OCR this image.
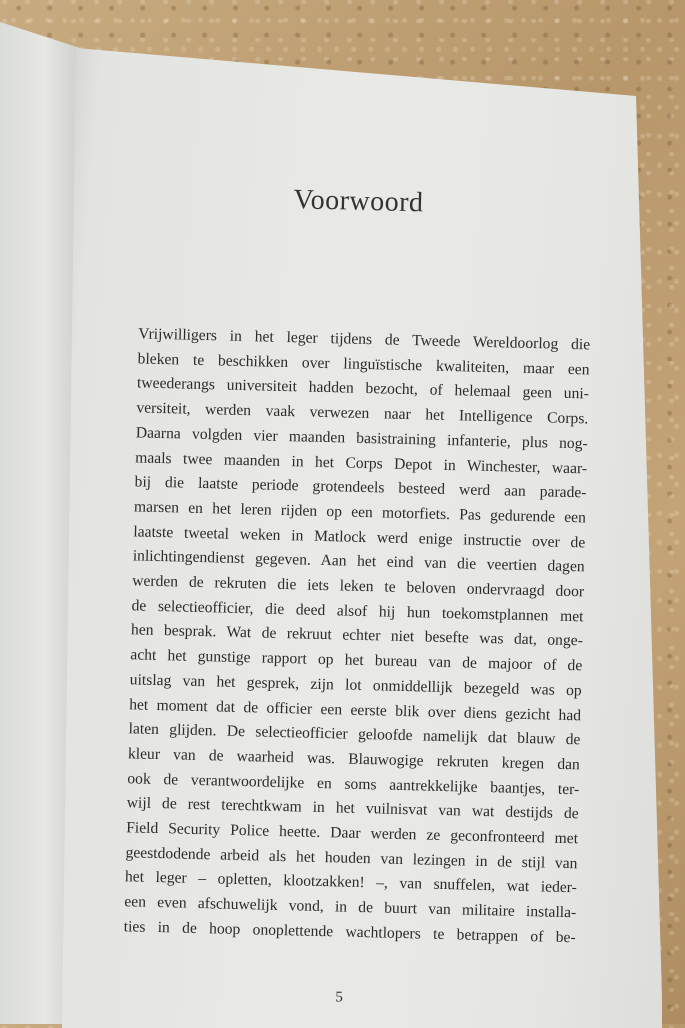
Voorwoord
Vrijwilligers in het leger tijdens de Tweede Wereldoorlog die
bleken te beschikken over linguïstische kwaliteiten, maar een
tweederangs universiteit hadden bezocht, of helemaal geen uni-
versiteit, werden vaak verwezen naar het Intelligence Corps.
Daarna volgden vier maanden basistraining infanterie, plus nog-
maals twee maanden in het Corps Depot in Winchester, waar-
bij die laatste periode grotendeels besteed werd aan parade-
marsen en het leren rijden op een motorfiets. Pas gedurende een
laatste tweetal weken in Matlock werd enige instructie over de
inlichtingendienst gegeven. Aan het eind van die veertien dagen
werden de rekruten die iets leken te beloven ondervraagd door
de selectieofficier, die deed alsof hij hun toekomstplannen met
hen besprak. Wat de rekruut echter niet besefte was dat, onge-
acht het gunstige rapport op het bureau van de majoor of de
uitslag van het gesprek, zijn lot onmiddellijk bezegeld was op
het moment dat de officier een eerste blik over diens gezicht had
laten glijden. De selectieofficier geloofde namelijk dat blauw de
kleur van de waarheid was. Blauwogige rekruten kregen dan
ook de verantwoordelijke en soms aantrekkelijke baantjes, ter-
wijl de rest terechtkwam in het vuilnisvat van wat destijds de
Field Security Police heette. Daar werden ze geconfronteerd met
geestdodende arbeid als het houden van lezingen in de stijl van
het leger – opletten, klootzakken! –, van snuffelen, wat ieder-
een even afschuwelijk vond, in de buurt van militaire installa-
ties in de hoop onoplettende wachtlopers te betrappen of be-
5
